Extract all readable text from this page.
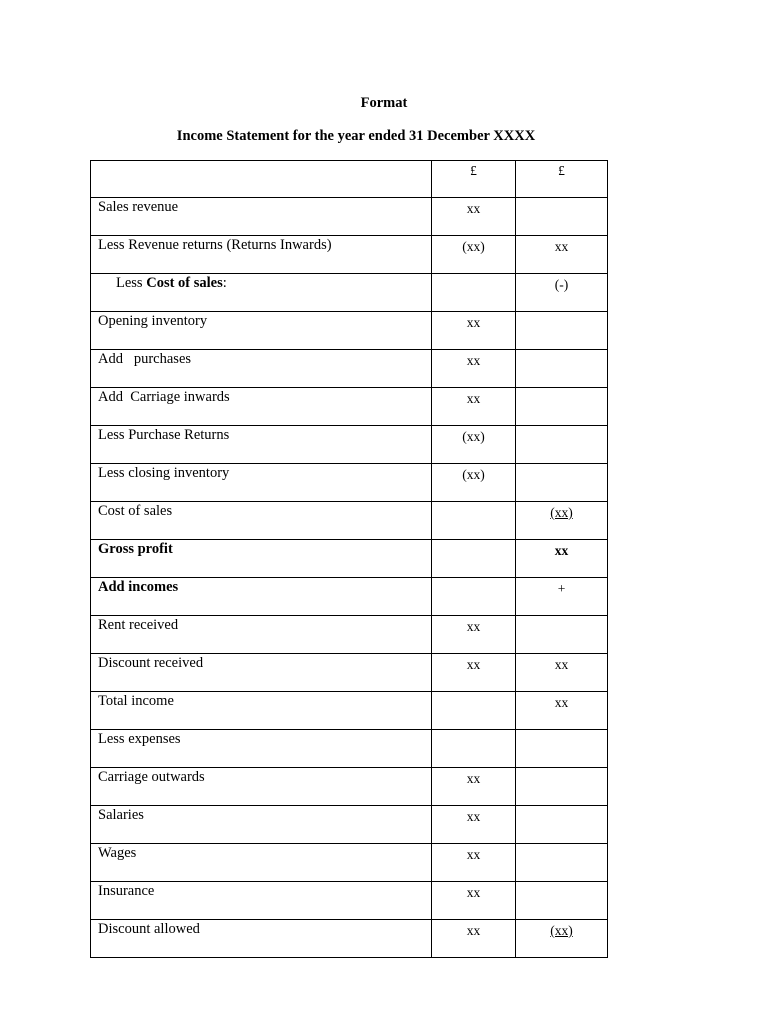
Format
Income Statement for the year ended 31 December XXXX
	£	£
Sales revenue	xx	
Less Revenue returns (Returns Inwards)	(xx)	xx
Less Cost of sales:		(-)
Opening inventory	xx	
Add   purchases	xx	
Add  Carriage inwards	xx	
Less Purchase Returns	(xx)	
Less closing inventory	(xx)	
Cost of sales		(xx)
Gross profit		xx
Add incomes		+
Rent received	xx	
Discount received	xx	xx
Total income		xx
Less expenses		
Carriage outwards	xx	
Salaries	xx	
Wages	xx	
Insurance	xx	
Discount allowed	xx	(xx)
